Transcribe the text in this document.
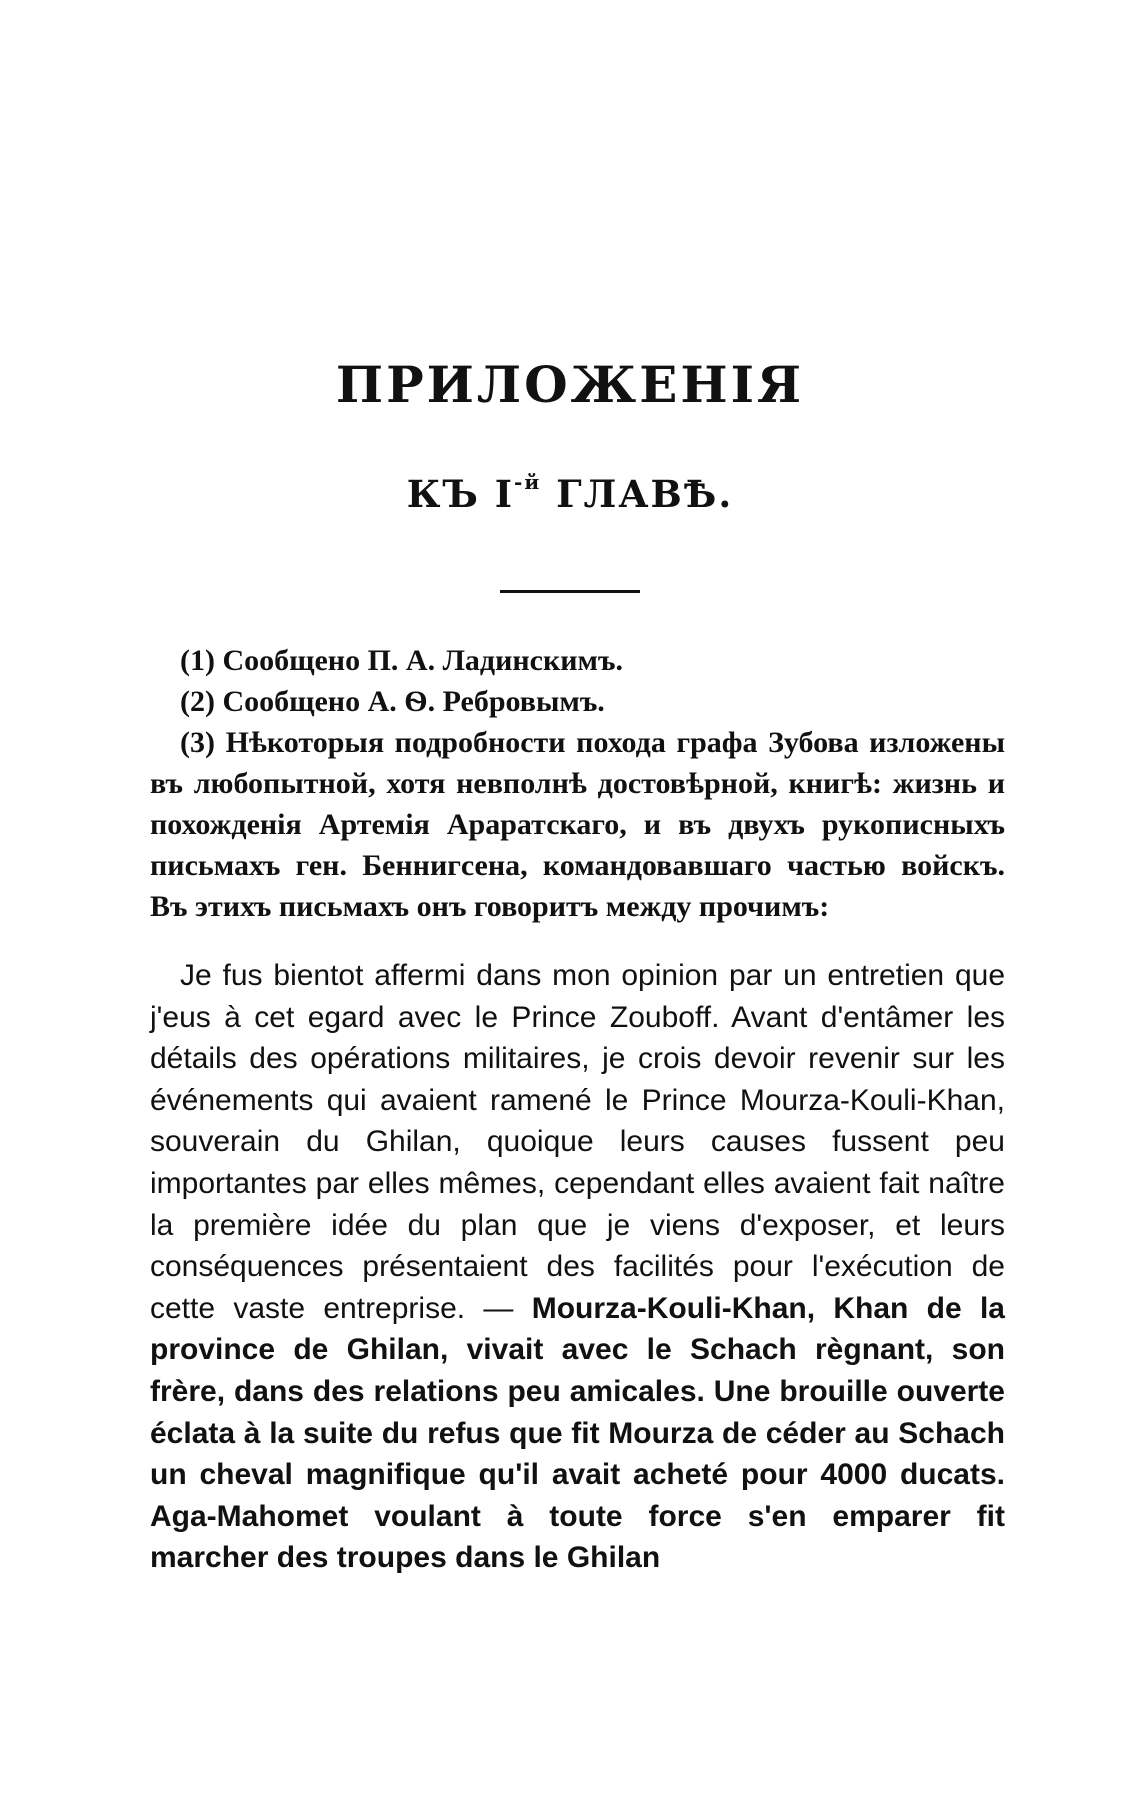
ПРИЛОЖЕНІЯ
КЪ $І^{-й}$ ГЛАВѢ.

(1) Сообщено П. А. Ладинскимъ.

(2) Сообщено А. Ѳ. Ребровымъ.

(3) Нѣкоторыя подробности похода графа Зубова изложены въ любопытной, хотя невполнѣ достовѣрной, книгѣ: жизнь и похожденія Артемія Араратскаго, и въ двухъ рукописныхъ письмахъ ген. Беннигсена, командовавшаго частью войскъ. Въ этихъ письмахъ онъ говоритъ между прочимъ:

Je fus bientot affermi dans mon opinion par un entretien que j'eus à cet egard avec le Prince Zouboff. Avant d'entâmer les détails des opérations militaires, je crois devoir revenir sur les événements qui avaient ramené le Prince Mourza-Kouli-Khan, souverain du Ghilan, quoique leurs causes fussent peu importantes par elles mêmes, cependant elles avaient fait naître la première idée du plan que je viens d'exposer, et leurs conséquences présentaient des facilités pour l'exécution de cette vaste entreprise. — Mourza-Kouli-Khan, Khan de la province de Ghilan, vivait avec le Schach règnant, son frère, dans des relations peu amicales. Une brouille ouverte éclata à la suite du refus que fit Mourza de céder au Schach un cheval magnifique qu'il avait acheté pour 4000 ducats. Aga-Mahomet voulant à toute force s'en emparer fit marcher des troupes dans le Ghilan
